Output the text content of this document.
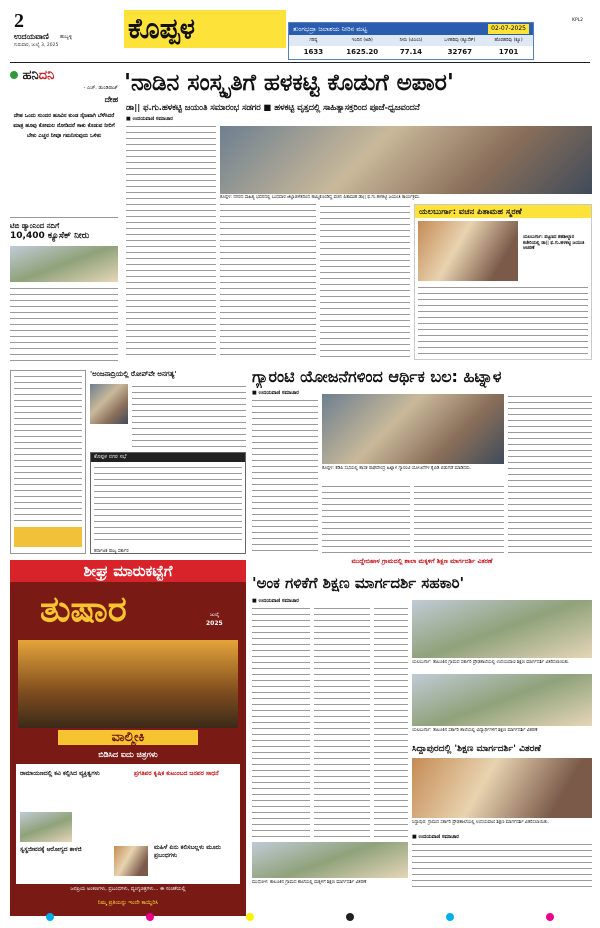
2
ಉದಯವಾಣಿ ಹುಬ್ಬಳ್ಳಿ
ಗುರುವಾರ, ಜುಲೈ 3, 2025
ಕೊಪ್ಪಳ	KPL2
ತುಂಗಭದ್ರಾ ಜಲಾಶಯ ನೀರಿನ ಮಟ್ಟ	02-07-2025
ಗರಿಷ್ಠ	ಇಂದಿನ (ಅಡಿ)	ನೀರು (ಟಿಎಂಸಿ)	ಒಳಹರಿವು (ಕ್ಯೂಸೆಕ್)	ಹೊರಹರಿವು (ಕ್ಯೂ)
1633	1625.20	77.14	32767	1701
ಹನಿದನಿ
- ಎಚ್. ಡುಂಡಿರಾಜ್
ದೇಹ
ದೇಹ ಒಂದು ಸುಂದರ ಹೂವಿನ ಕುಂಡ ನೈಜವಾಗಿ ಬೆಳೆಸಿದರೆ ಮಾತ್ರ ಹೂವು ಕೋಮಲ ನೋಡಿದರೆ ಸಾಕು ಕೊಡುವ ನೀರಿಗೆ ಬೇಕು ಎಚ್ಚರ ನೀವೂ ಗಮನಿಸುವುದು ಒಳಿತು
ಟಿಬಿ ಡ್ಯಾಂನಿಂದ ನದಿಗೆ
10,400 ಕ್ಯೂಸೆಕ್ ನೀರು
'ನಾಡಿನ ಸಂಸ್ಕೃತಿಗೆ ಹಳಕಟ್ಟಿ ಕೊಡುಗೆ ಅಪಾರ'
ಡಾ|| ಫ.ಗು.ಹಳಕಟ್ಟಿ ಜಯಂತಿ ಸಮಾರಂಭ ಸಡಗರ ■ ಹಳಕಟ್ಟಿ ವೃತ್ತದಲ್ಲಿ ಸಾಹಿತ್ಯಾಸಕ್ತರಿಂದ ಪೂಜೆ-ಧ್ವಜವಂದನೆ
■ ಉದಯವಾಣಿ ಸಮಾಚಾರ
ಕೊಪ್ಪಳ: ನಗರದ ಸಾಹಿತ್ಯ ಭವನದಲ್ಲಿ ಬುಧವಾರ ಜಿಲ್ಲಾಡಳಿತದಿಂದ ಹಮ್ಮಿಕೊಂಡಿದ್ದ ವಚನ ಪಿತಾಮಹ ಡಾ|| ಫ.ಗು.ಹಳಕಟ್ಟಿ ಜಯಂತಿ ಕಾರ್ಯಕ್ರಮ.
ಯಲಬುರ್ಗಾ: ವಚನ ಪಿತಾಮಹ ಸ್ಮರಣೆ
ಯಲಬುರ್ಗಾ: ಪಟ್ಟಣದ ತಹಶೀಲ್ದಾರ ಕಚೇರಿಯಲ್ಲಿ ಡಾ|| ಫ.ಗು.ಹಳಕಟ್ಟಿ ಜಯಂತಿ ಆಚರಣೆ
'ಅಂಜನಾದ್ರಿಯಲ್ಲಿ ರೋಪ್‌ವೇ ಅನಗತ್ಯ'
ಕೊಪ್ಪಳ ನಗರ ಸಭೆ
ಕರ್ನಾಟಕ ರಾಜ್ಯ ಸರ್ಕಾರ
ಗ್ಯಾರಂಟಿ ಯೋಜನೆಗಳಿಂದ ಆರ್ಥಿಕ ಬಲ: ಹಿಟ್ನಾಳ
■ ಉದಯವಾಣಿ ಸಮಾಚಾರ
ಕೊಪ್ಪಳ: ಕೆಡಿಪಿ ಸಭೆಯಲ್ಲಿ ಶಾಸಕ ರಾಘವೇಂದ್ರ ಹಿಟ್ನಾಳ ಗ್ಯಾರಂಟಿ ಯೋಜನೆಗಳ ಕೈಪಿಡಿ ಬಿಡುಗಡೆ ಮಾಡಿದರು.
ಮುದ್ದೇಬಿಹಾಳ ಗ್ರಾಮದಲ್ಲಿ ಶಾಲಾ ಮಕ್ಕಳಿಗೆ ಶಿಕ್ಷಣ ಮಾರ್ಗದರ್ಶಿ ವಿತರಣೆ
ಶೀಘ್ರ ಮಾರುಕಟ್ಟೆಗೆ
ತುಷಾರ	ಜುಲೈ
2025
ವಾಲ್ಮೀಕಿ
ಬಿಡಿಸಿದ ಐದು ಚಿತ್ರಗಳು
ರಾಮಾಯಣದಲ್ಲಿ ಕವಿ ಕಲ್ಪಿಸಿದ ವ್ಯಕ್ತಿತ್ವಗಳು	ಪ್ರಗತಿಪರ ಕೃಷಿಕ ಕುಟುಂಬದ ಜನಪರ ಸಾಧನೆ
ಸ್ವಸ್ಥಜೀವನಕ್ಕೆ ಆರೋಗ್ಯದ ಕಾಳಜಿ	ಮಹಿಳೆ ಏನು ಕಲಿಸಬಲ್ಲಳು ಮೂರು ಪ್ರಬಂಧಗಳು
ಜನಪ್ರಿಯ ಅಂಕಣಗಳು, ಪ್ರಬಂಧಗಳು, ವ್ಯಂಗ್ಯಚಿತ್ರಗಳು... ಈ ಸಂಚಿಕೆಯಲ್ಲಿ
ನಿಮ್ಮ ಪ್ರತಿಯನ್ನು ಇಂದೇ ಕಾಯ್ದಿರಿಸಿ
'ಅಂಕ ಗಳಿಕೆಗೆ ಶಿಕ್ಷಣ ಮಾರ್ಗದರ್ಶಿ ಸಹಕಾರಿ'
■ ಉದಯವಾಣಿ ಸಮಾಚಾರ
ಯಲಬುರ್ಗಾ: ತಾಲೂಕಿನ ಗ್ರಾಮದ ಸರ್ಕಾರಿ ಪ್ರೌಢಶಾಲೆಯಲ್ಲಿ ಉದಯವಾಣಿ ಶಿಕ್ಷಣ ಮಾರ್ಗದರ್ಶಿ ವಿತರಿಸಲಾಯಿತು.
ಯಲಬುರ್ಗಾ: ತಾಲೂಕಿನ ಸರ್ಕಾರಿ ಶಾಲೆಯಲ್ಲಿ ವಿದ್ಯಾರ್ಥಿಗಳಿಗೆ ಶಿಕ್ಷಣ ಮಾರ್ಗದರ್ಶಿ ವಿತರಣೆ
ಮುಧೋಳ: ತಾಲೂಕಿನ ಗ್ರಾಮದ ಶಾಲೆಯಲ್ಲಿ ಮಕ್ಕಳಿಗೆ ಶಿಕ್ಷಣ ಮಾರ್ಗದರ್ಶಿ ವಿತರಣೆ
ಸಿದ್ದಾಪುರದಲ್ಲಿ 'ಶಿಕ್ಷಣ ಮಾರ್ಗದರ್ಶಿ' ವಿತರಣೆ
ಸಿದ್ದಾಪುರ: ಗ್ರಾಮದ ಸರ್ಕಾರಿ ಪ್ರೌಢಶಾಲೆಯಲ್ಲಿ ಉದಯವಾಣಿ ಶಿಕ್ಷಣ ಮಾರ್ಗದರ್ಶಿ ವಿತರಿಸಲಾಯಿತು.
■ ಉದಯವಾಣಿ ಸಮಾಚಾರ
